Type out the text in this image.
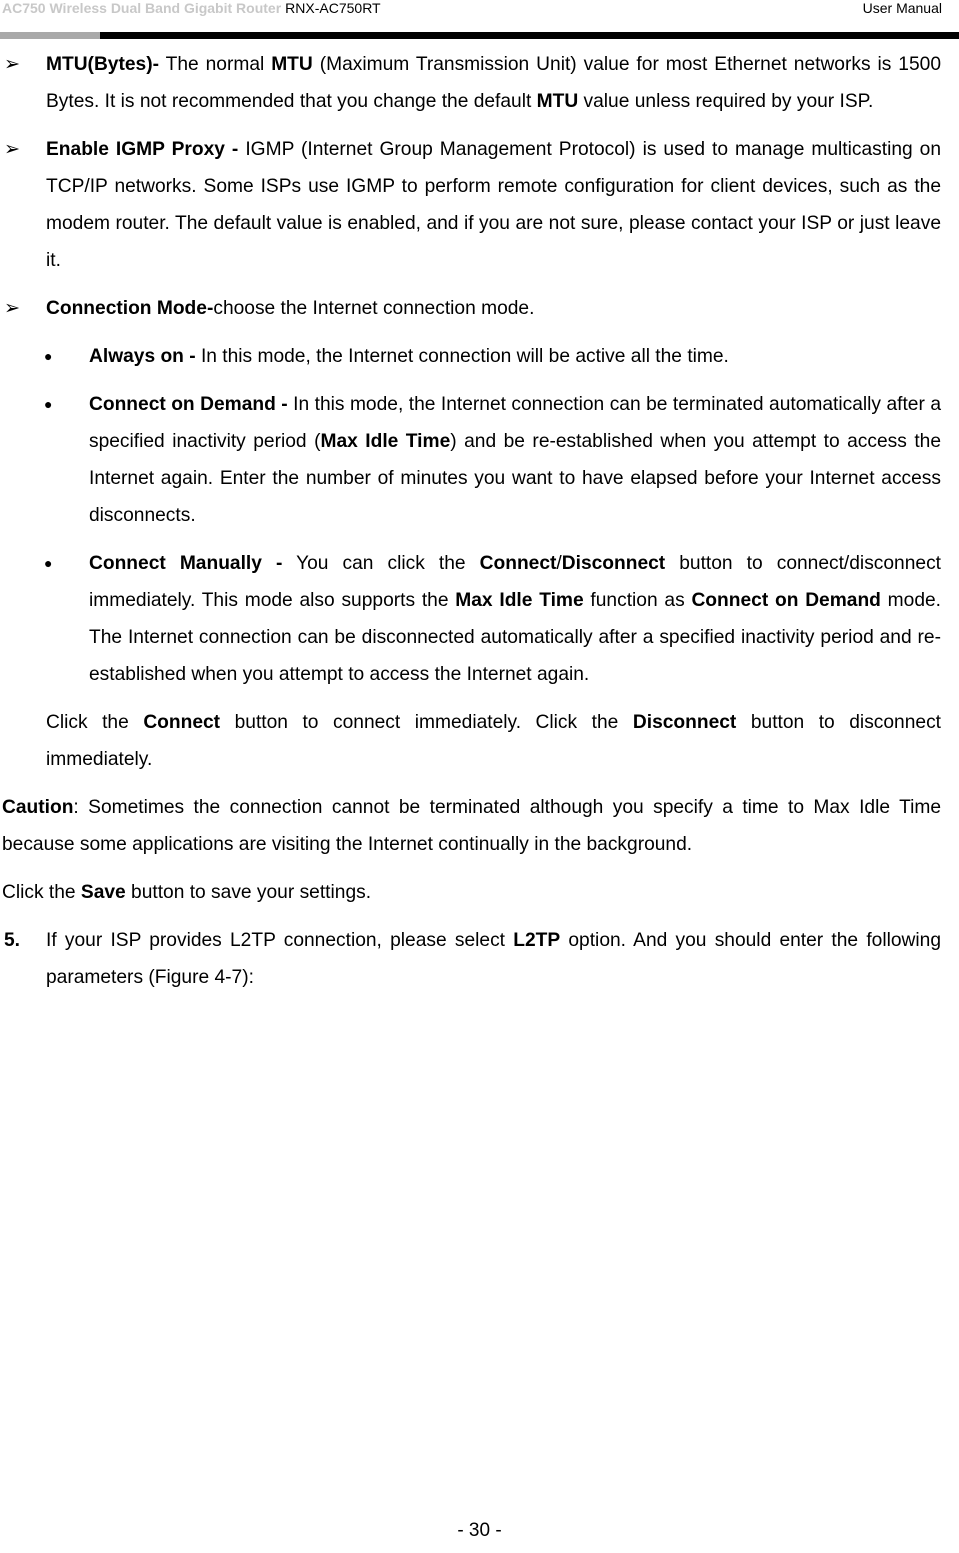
AC750 Wireless Dual Band Gigabit Router RNX-AC750RT	User Manual

➢ MTU(Bytes)- The normal MTU (Maximum Transmission Unit) value for most Ethernet networks is 1500 Bytes. It is not recommended that you change the default MTU value unless required by your ISP.

➢ Enable IGMP Proxy - IGMP (Internet Group Management Protocol) is used to manage multicasting on TCP/IP networks. Some ISPs use IGMP to perform remote configuration for client devices, such as the modem router. The default value is enabled, and if you are not sure, please contact your ISP or just leave it.

➢ Connection Mode-choose the Internet connection mode.

● Always on - In this mode, the Internet connection will be active all the time.

● Connect on Demand - In this mode, the Internet connection can be terminated automatically after a specified inactivity period (Max Idle Time) and be re-established when you attempt to access the Internet again. Enter the number of minutes you want to have elapsed before your Internet access disconnects.

● Connect Manually - You can click the Connect/Disconnect button to connect/disconnect immediately. This mode also supports the Max Idle Time function as Connect on Demand mode. The Internet connection can be disconnected automatically after a specified inactivity period and re-established when you attempt to access the Internet again.

Click the Connect button to connect immediately. Click the Disconnect button to disconnect immediately.

Caution: Sometimes the connection cannot be terminated although you specify a time to Max Idle Time because some applications are visiting the Internet continually in the background.

Click the Save button to save your settings.

5. If your ISP provides L2TP connection, please select L2TP option. And you should enter the following parameters (Figure 4-7):

- 30 -
